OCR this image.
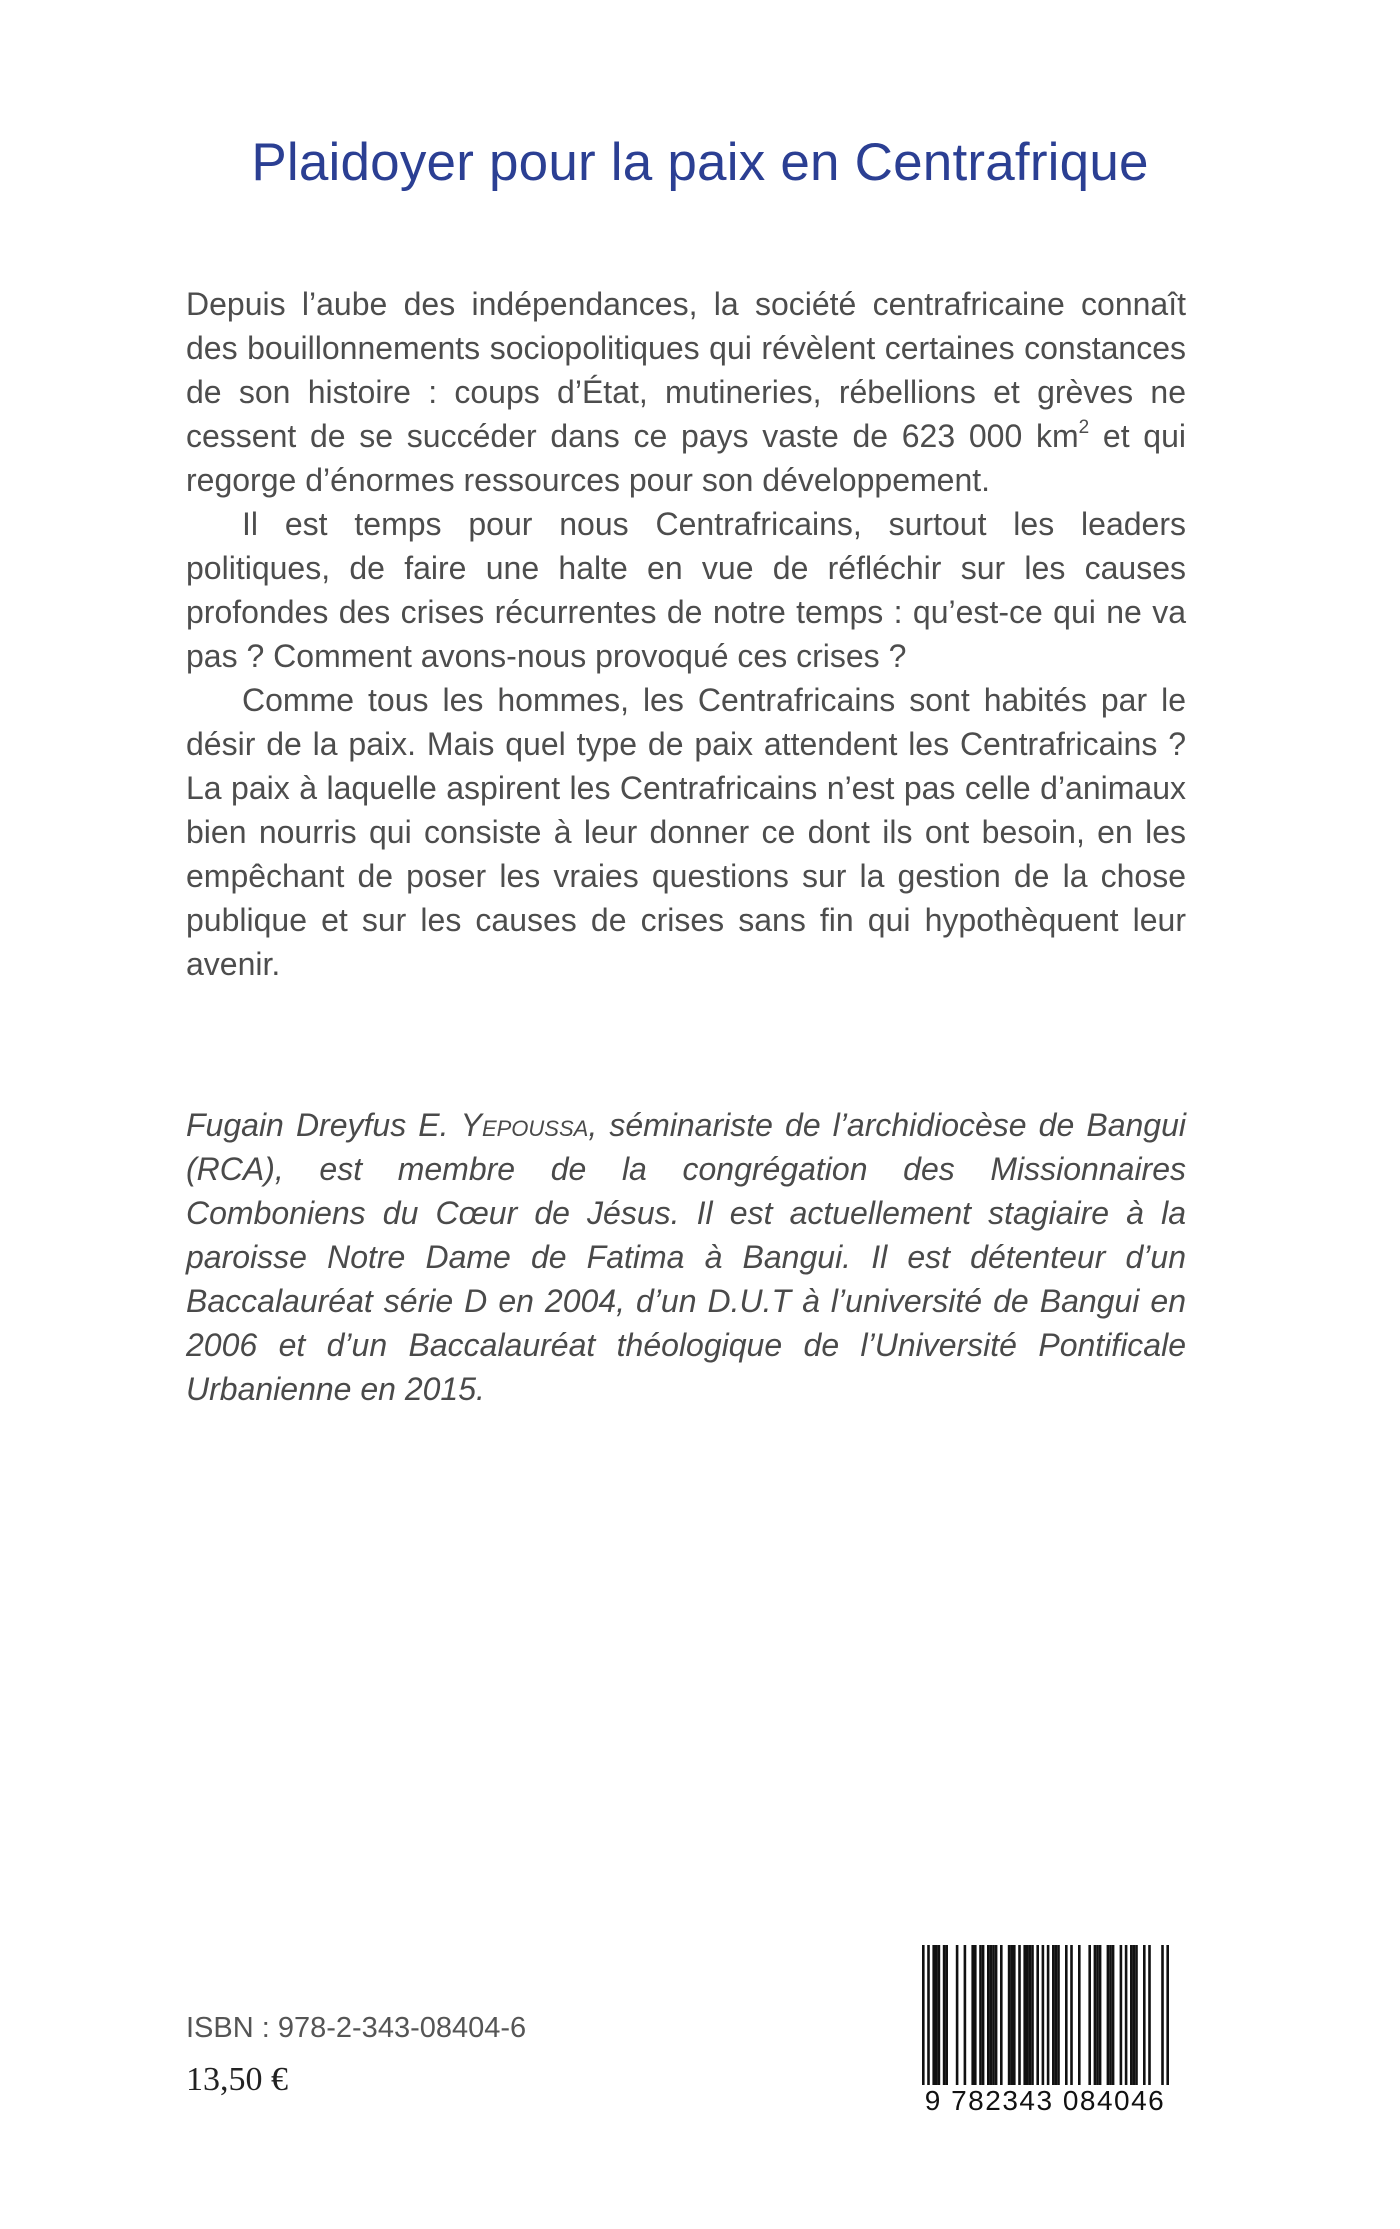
Plaidoyer pour la paix en Centrafrique

Depuis l’aube des indépendances, la société centrafricaine connaît des bouillonnements sociopolitiques qui révèlent certaines constances de son histoire : coups d’État, mutineries, rébellions et grèves ne cessent de se succéder dans ce pays vaste de 623 000 $km^2$ et qui regorge d’énormes ressources pour son développement.

Il est temps pour nous Centrafricains, surtout les leaders politiques, de faire une halte en vue de réfléchir sur les causes profondes des crises récurrentes de notre temps : qu’est-ce qui ne va pas ? Comment avons-nous provoqué ces crises ?

Comme tous les hommes, les Centrafricains sont habités par le désir de la paix. Mais quel type de paix attendent les Centrafricains ? La paix à laquelle aspirent les Centrafricains n’est pas celle d’animaux bien nourris qui consiste à leur donner ce dont ils ont besoin, en les empêchant de poser les vraies questions sur la gestion de la chose publique et sur les causes de crises sans fin qui hypothèquent leur avenir.

Fugain Dreyfus E. Yepoussa, séminariste de l’archidiocèse de Bangui (RCA), est membre de la congrégation des Missionnaires Comboniens du Cœur de Jésus. Il est actuellement stagiaire à la paroisse Notre Dame de Fatima à Bangui. Il est détenteur d’un Baccalauréat série D en 2004, d’un D.U.T à l’université de Bangui en 2006 et d’un Baccalauréat théologique de l’Université Pontificale Urbanienne en 2015.
ISBN : 978-2-343-08404-6
13,50 €
9 782343 084046
